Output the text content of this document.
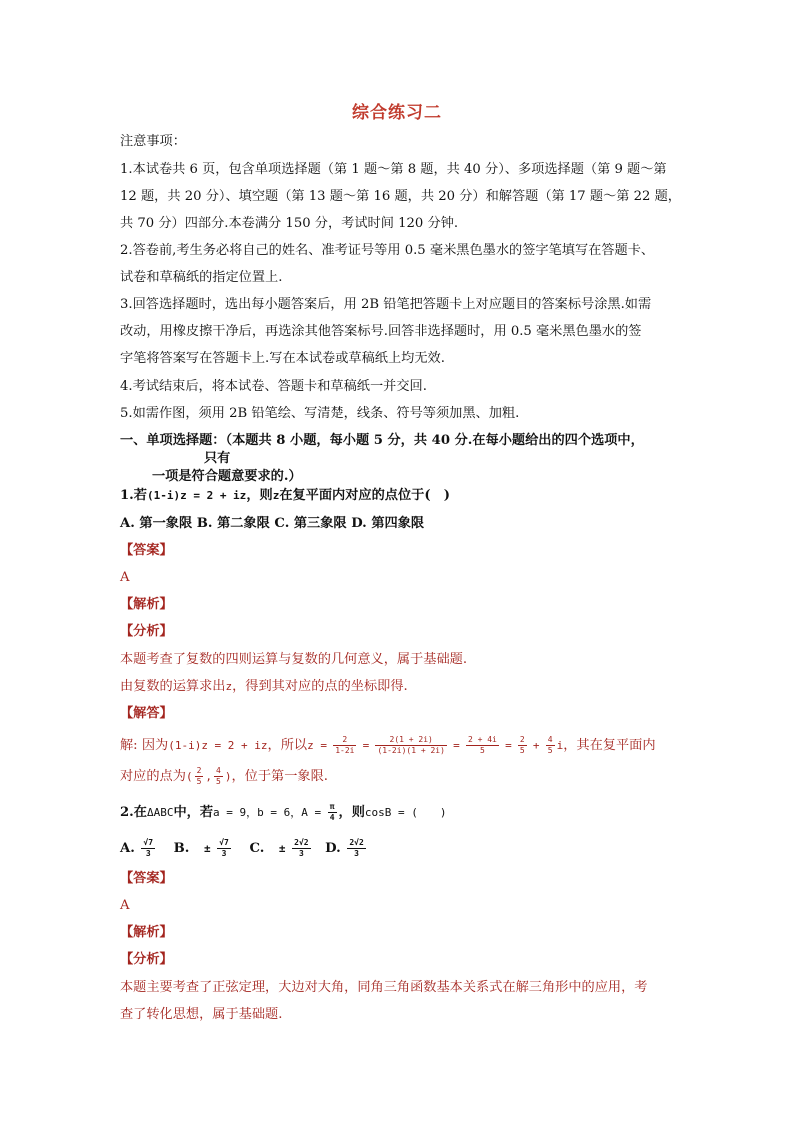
综合练习二
注意事项：
1.本试卷共 6 页，包含单项选择题（第 1 题～第 8 题，共 40 分）、多项选择题（第 9 题～第
12 题，共 20 分）、填空题（第 13 题～第 16 题，共 20 分）和解答题（第 17 题～第 22 题，
共 70 分）四部分.本卷满分 150 分，考试时间 120 分钟.
2.答卷前,考生务必将自己的姓名、准考证号等用 0.5 毫米黑色墨水的签字笔填写在答题卡、
试卷和草稿纸的指定位置上.
3.回答选择题时，选出每小题答案后，用 2B 铅笔把答题卡上对应题目的答案标号涂黑.如需
改动，用橡皮擦干净后，再选涂其他答案标号.回答非选择题时，用 0.5 毫米黑色墨水的签
字笔将答案写在答题卡上.写在本试卷或草稿纸上均无效.
4.考试结束后，将本试卷、答题卡和草稿纸一并交回.
5.如需作图，须用 2B 铅笔绘、写清楚，线条、符号等须加黑、加粗.
一、单项选择题：（本题共 8 小题，每小题 5 分，共 40 分.在每小题给出的四个选项中，
只有
一项是符合题意要求的.）
1.若(1-i)z = 2 + iz，则z在复平面内对应的点位于(　)
A. 第一象限 B. 第二象限 C. 第三象限 D. 第四象限
【答案】
A
【解析】
【分析】
本题考查了复数的四则运算与复数的几何意义，属于基础题.
由复数的运算求出z，得到其对应的点的坐标即得.
【解答】
解: 因为(1-i)z = 2 + iz，所以$z = \frac{2}{1-2i} = \frac{2(1 + 2i)}{(1-2i)(1 + 2i)} = \frac{2 + 4i}{5} = \frac{2}{5} + \frac{4}{5}$ i，其在复平面内
对应的点为( $\frac{2}{5}$ , $\frac{4}{5}$ )，位于第一象限.
2.在ΔABC中，若a = 9，b = 6，$A = \frac{\pi}{4}$ ，则cosB = (　　)
A. $\frac{√7}{3} B$. ± $\frac{√7}{3} C$. ± $\frac{2√2}{3} D$. $\frac{2√2}{3}$
【答案】
A
【解析】
【分析】
本题主要考查了正弦定理，大边对大角，同角三角函数基本关系式在解三角形中的应用，考
查了转化思想，属于基础题.
